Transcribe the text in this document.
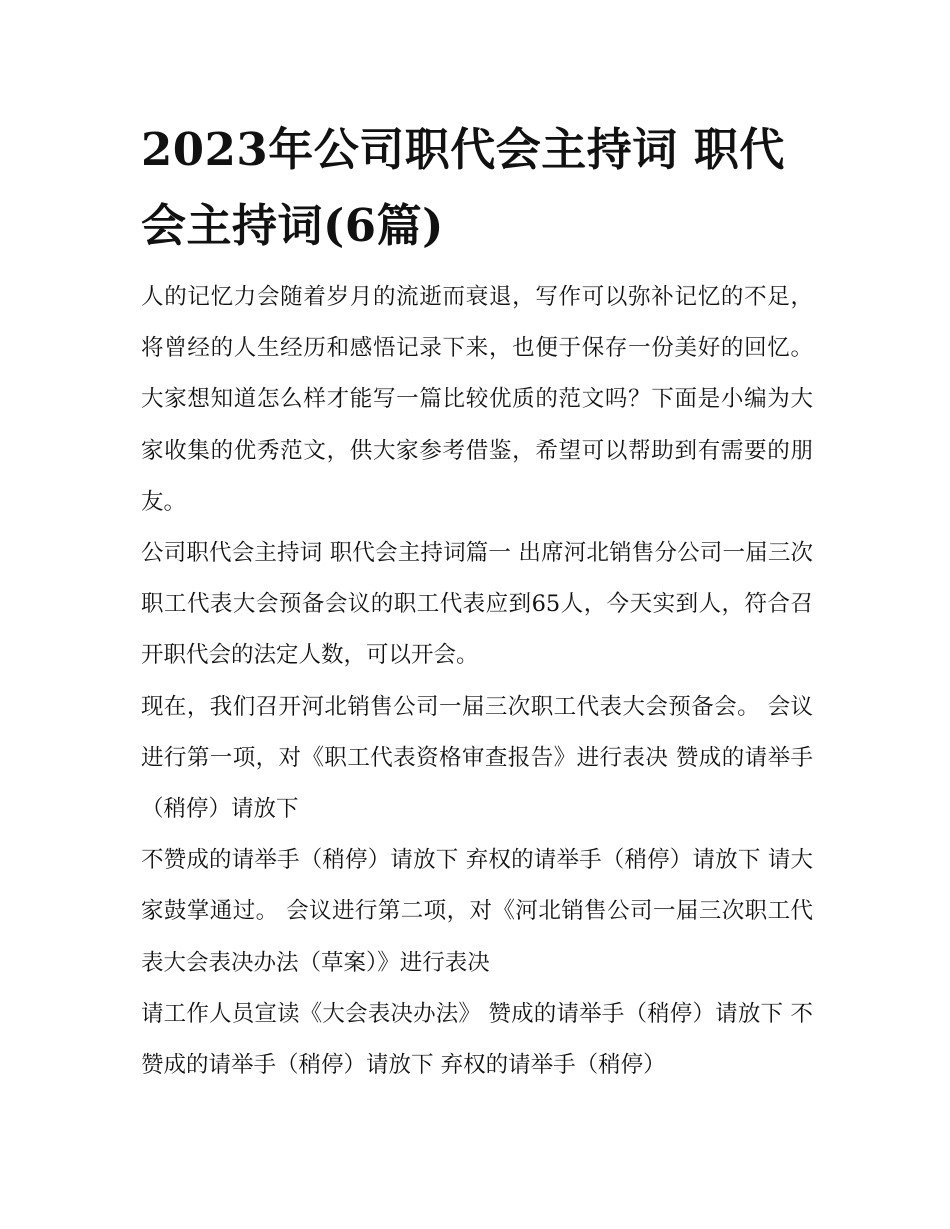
2023年公司职代会主持词 职代会主持词(6篇)

人的记忆力会随着岁月的流逝而衰退，写作可以弥补记忆的不足，将曾经的人生经历和感悟记录下来，也便于保存一份美好的回忆。大家想知道怎么样才能写一篇比较优质的范文吗？下面是小编为大家收集的优秀范文，供大家参考借鉴，希望可以帮助到有需要的朋友。

公司职代会主持词 职代会主持词篇一 出席河北销售分公司一届三次职工代表大会预备会议的职工代表应到65人，今天实到人，符合召开职代会的法定人数，可以开会。

现在，我们召开河北销售公司一届三次职工代表大会预备会。 会议进行第一项，对《职工代表资格审查报告》进行表决 赞成的请举手（稍停）请放下

不赞成的请举手（稍停）请放下 弃权的请举手（稍停）请放下 请大家鼓掌通过。 会议进行第二项，对《河北销售公司一届三次职工代表大会表决办法（草案）》进行表决

请工作人员宣读《大会表决办法》 赞成的请举手（稍停）请放下 不赞成的请举手（稍停）请放下 弃权的请举手（稍停）
